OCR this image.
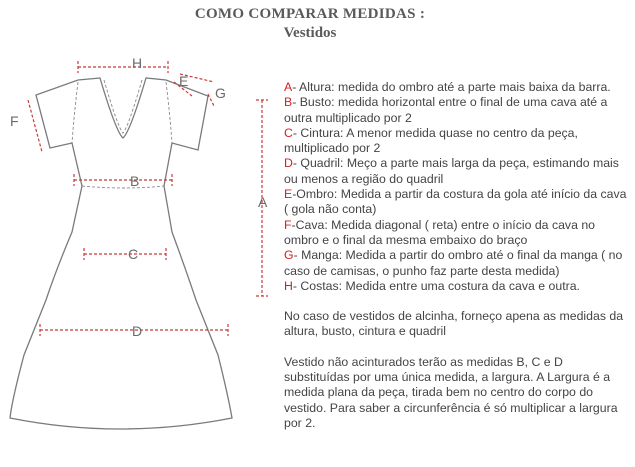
COMO COMPARAR MEDIDAS :
Vestidos
H
E
G
F
B
C
D
A

A- Altura: medida do ombro até a parte mais baixa da barra.

B- Busto: medida horizontal entre o final de uma cava até a outra multiplicado por 2

C- Cintura: A menor medida quase no centro da peça, multiplicado por 2

D- Quadril: Meço a parte mais larga da peça, estimando mais ou menos a região do quadril

E-Ombro: Medida a partir da costura da gola até início da cava ( gola não conta)

F-Cava: Medida diagonal ( reta) entre o início da cava no ombro e o final da mesma embaixo do braço

G- Manga: Medida a partir do ombro até o final da manga ( no caso de camisas, o punho faz parte desta medida)

H- Costas: Medida entre uma costura da cava e outra.

No caso de vestidos de alcinha, forneço apena as medidas da altura, busto, cintura e quadril

Vestido não acinturados terão as medidas B, C e D substituídas por uma única medida, a largura. A Largura é a medida plana da peça, tirada bem no centro do corpo do vestido. Para saber a circunferência é só multiplicar a largura por 2.
